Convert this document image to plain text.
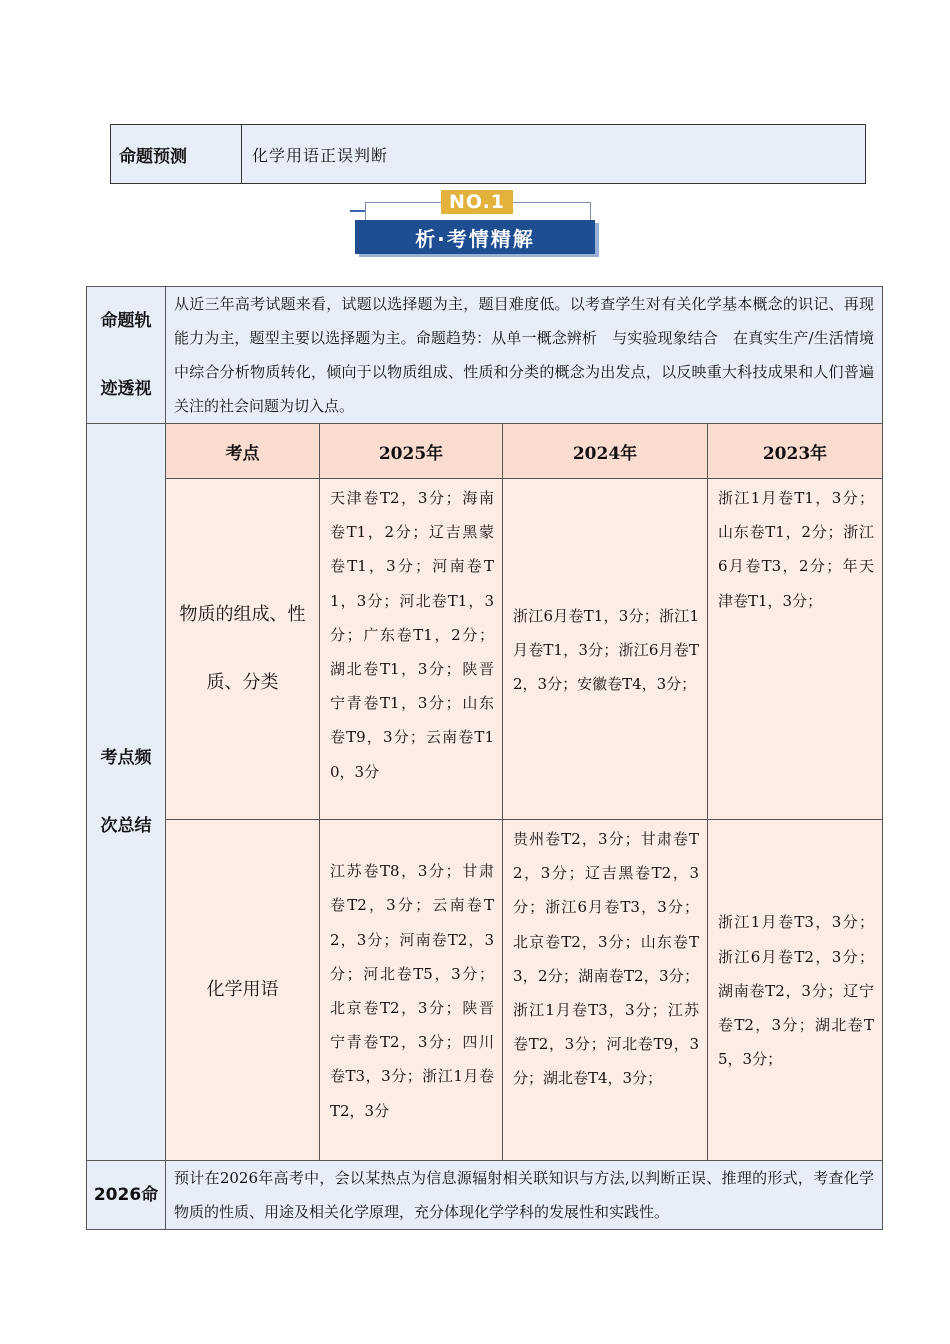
命题预测	化学用语正误判断
NO.1
析·考情精解
命题轨
迹透视	从近三年高考试题来看，试题以选择题为主，题目难度低。以考查学生对有关化学基本概念的识记、再现能力为主，题型主要以选择题为主。命题趋势：从单一概念辨析　与实验现象结合　在真实生产/生活情境中综合分析物质转化，倾向于以物质组成、性质和分类的概念为出发点，以反映重大科技成果和人们普遍关注的社会问题为切入点。			

考点频
次总结	考点	2025年	2024年	2023年
	物质的组成、性质、分类	天津卷T2，3分；海南卷T1，2分；辽吉黑蒙卷T1，3分；河南卷T1，3分；河北卷T1，3分；广东卷T1，2分；湖北卷T1，3分；陕晋宁青卷T1，3分；山东卷T9，3分；云南卷T10，3分	浙江6月卷T1，3分；浙江1月卷T1，3分；浙江6月卷T2，3分；安徽卷T4，3分；	浙江1月卷T1，3分；山东卷T1，2分；浙江6月卷T3，2分；年天津卷T1，3分；
	化学用语	江苏卷T8，3分；甘肃卷T2，3分；云南卷T2，3分；河南卷T2，3分；河北卷T5，3分；北京卷T2，3分；陕晋宁青卷T2，3分；四川卷T3，3分；浙江1月卷T2，3分	贵州卷T2，3分；甘肃卷T2，3分；辽吉黑卷T2，3分；浙江6月卷T3，3分；北京卷T2，3分；山东卷T3，2分；湖南卷T2，3分；浙江1月卷T3，3分；江苏卷T2，3分；河北卷T9，3分；湖北卷T4，3分；	浙江1月卷T3，3分；浙江6月卷T2，3分；湖南卷T2，3分；辽宁卷T2，3分；湖北卷T5，3分；
2026命	预计在2026年高考中，会以某热点为信息源辐射相关联知识与方法,以判断正误、推理的形式，考查化学物质的性质、用途及相关化学原理，充分体现化学学科的发展性和实践性。			
